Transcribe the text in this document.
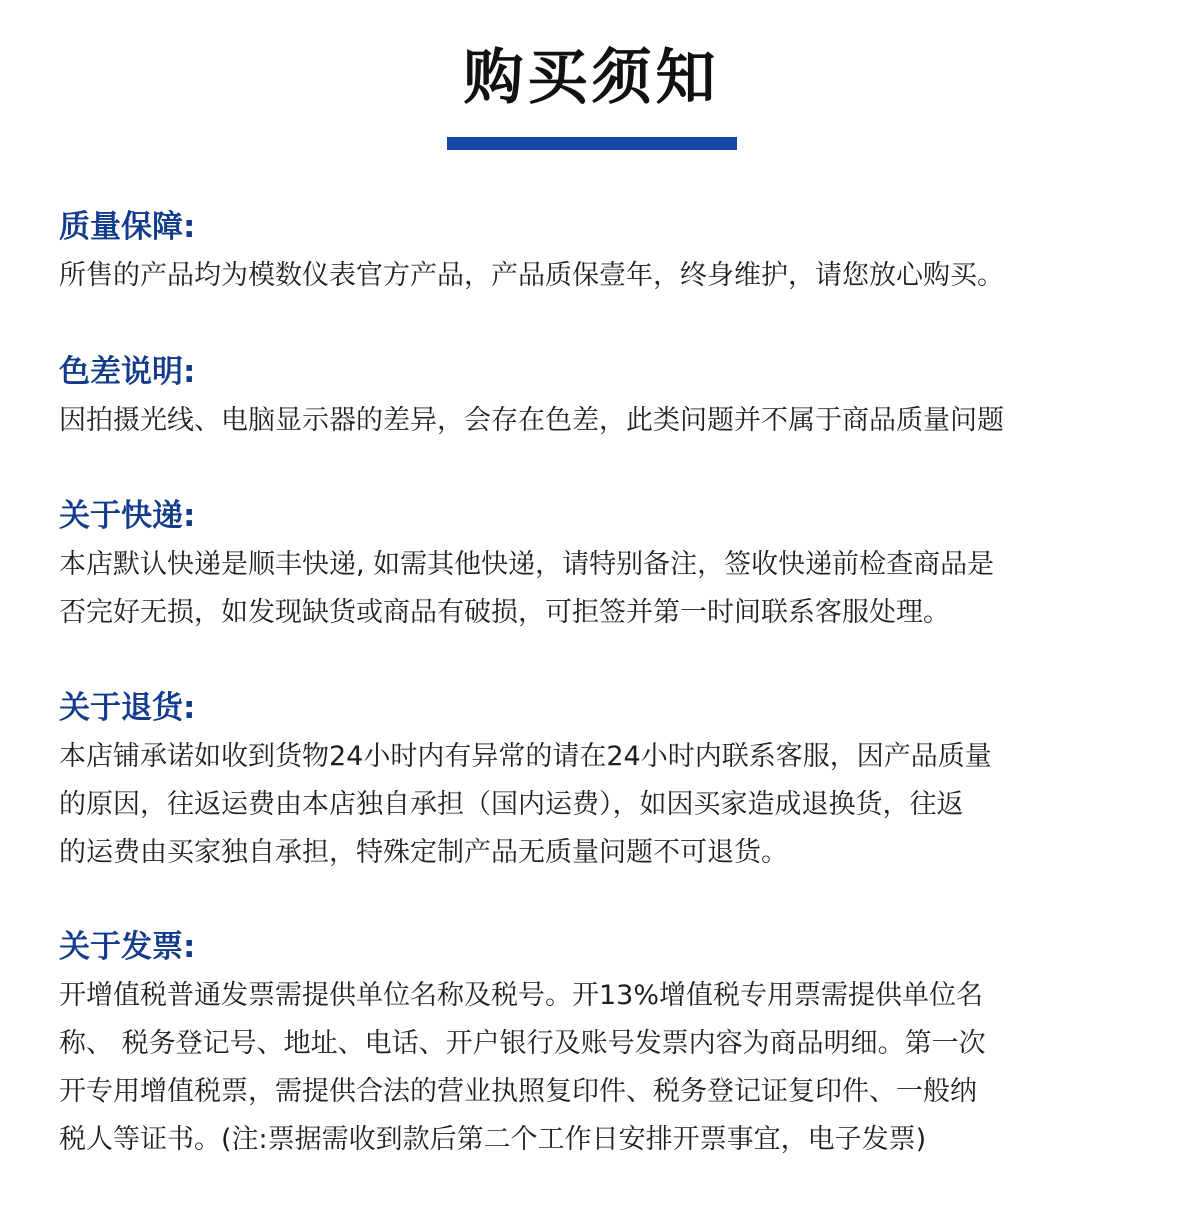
购买须知
质量保障:
所售的产品均为模数仪表官方产品，产品质保壹年，终身维护，请您放心购买。
色差说明:
因拍摄光线、电脑显示器的差异，会存在色差，此类问题并不属于商品质量问题
关于快递:
本店默认快递是顺丰快递, 如需其他快递，请特别备注，签收快递前检查商品是
否完好无损，如发现缺货或商品有破损，可拒签并第一时间联系客服处理。
关于退货:
本店铺承诺如收到货物24小时内有异常的请在24小时内联系客服，因产品质量
的原因，往返运费由本店独自承担（国内运费），如因买家造成退换货，往返
的运费由买家独自承担，特殊定制产品无质量问题不可退货。
关于发票:
开增值税普通发票需提供单位名称及税号。开13%增值税专用票需提供单位名
称、 税务登记号、地址、电话、开户银行及账号发票内容为商品明细。第一次
开专用增值税票，需提供合法的营业执照复印件、税务登记证复印件、一般纳
税人等证书。(注:票据需收到款后第二个工作日安排开票事宜，电子发票)
